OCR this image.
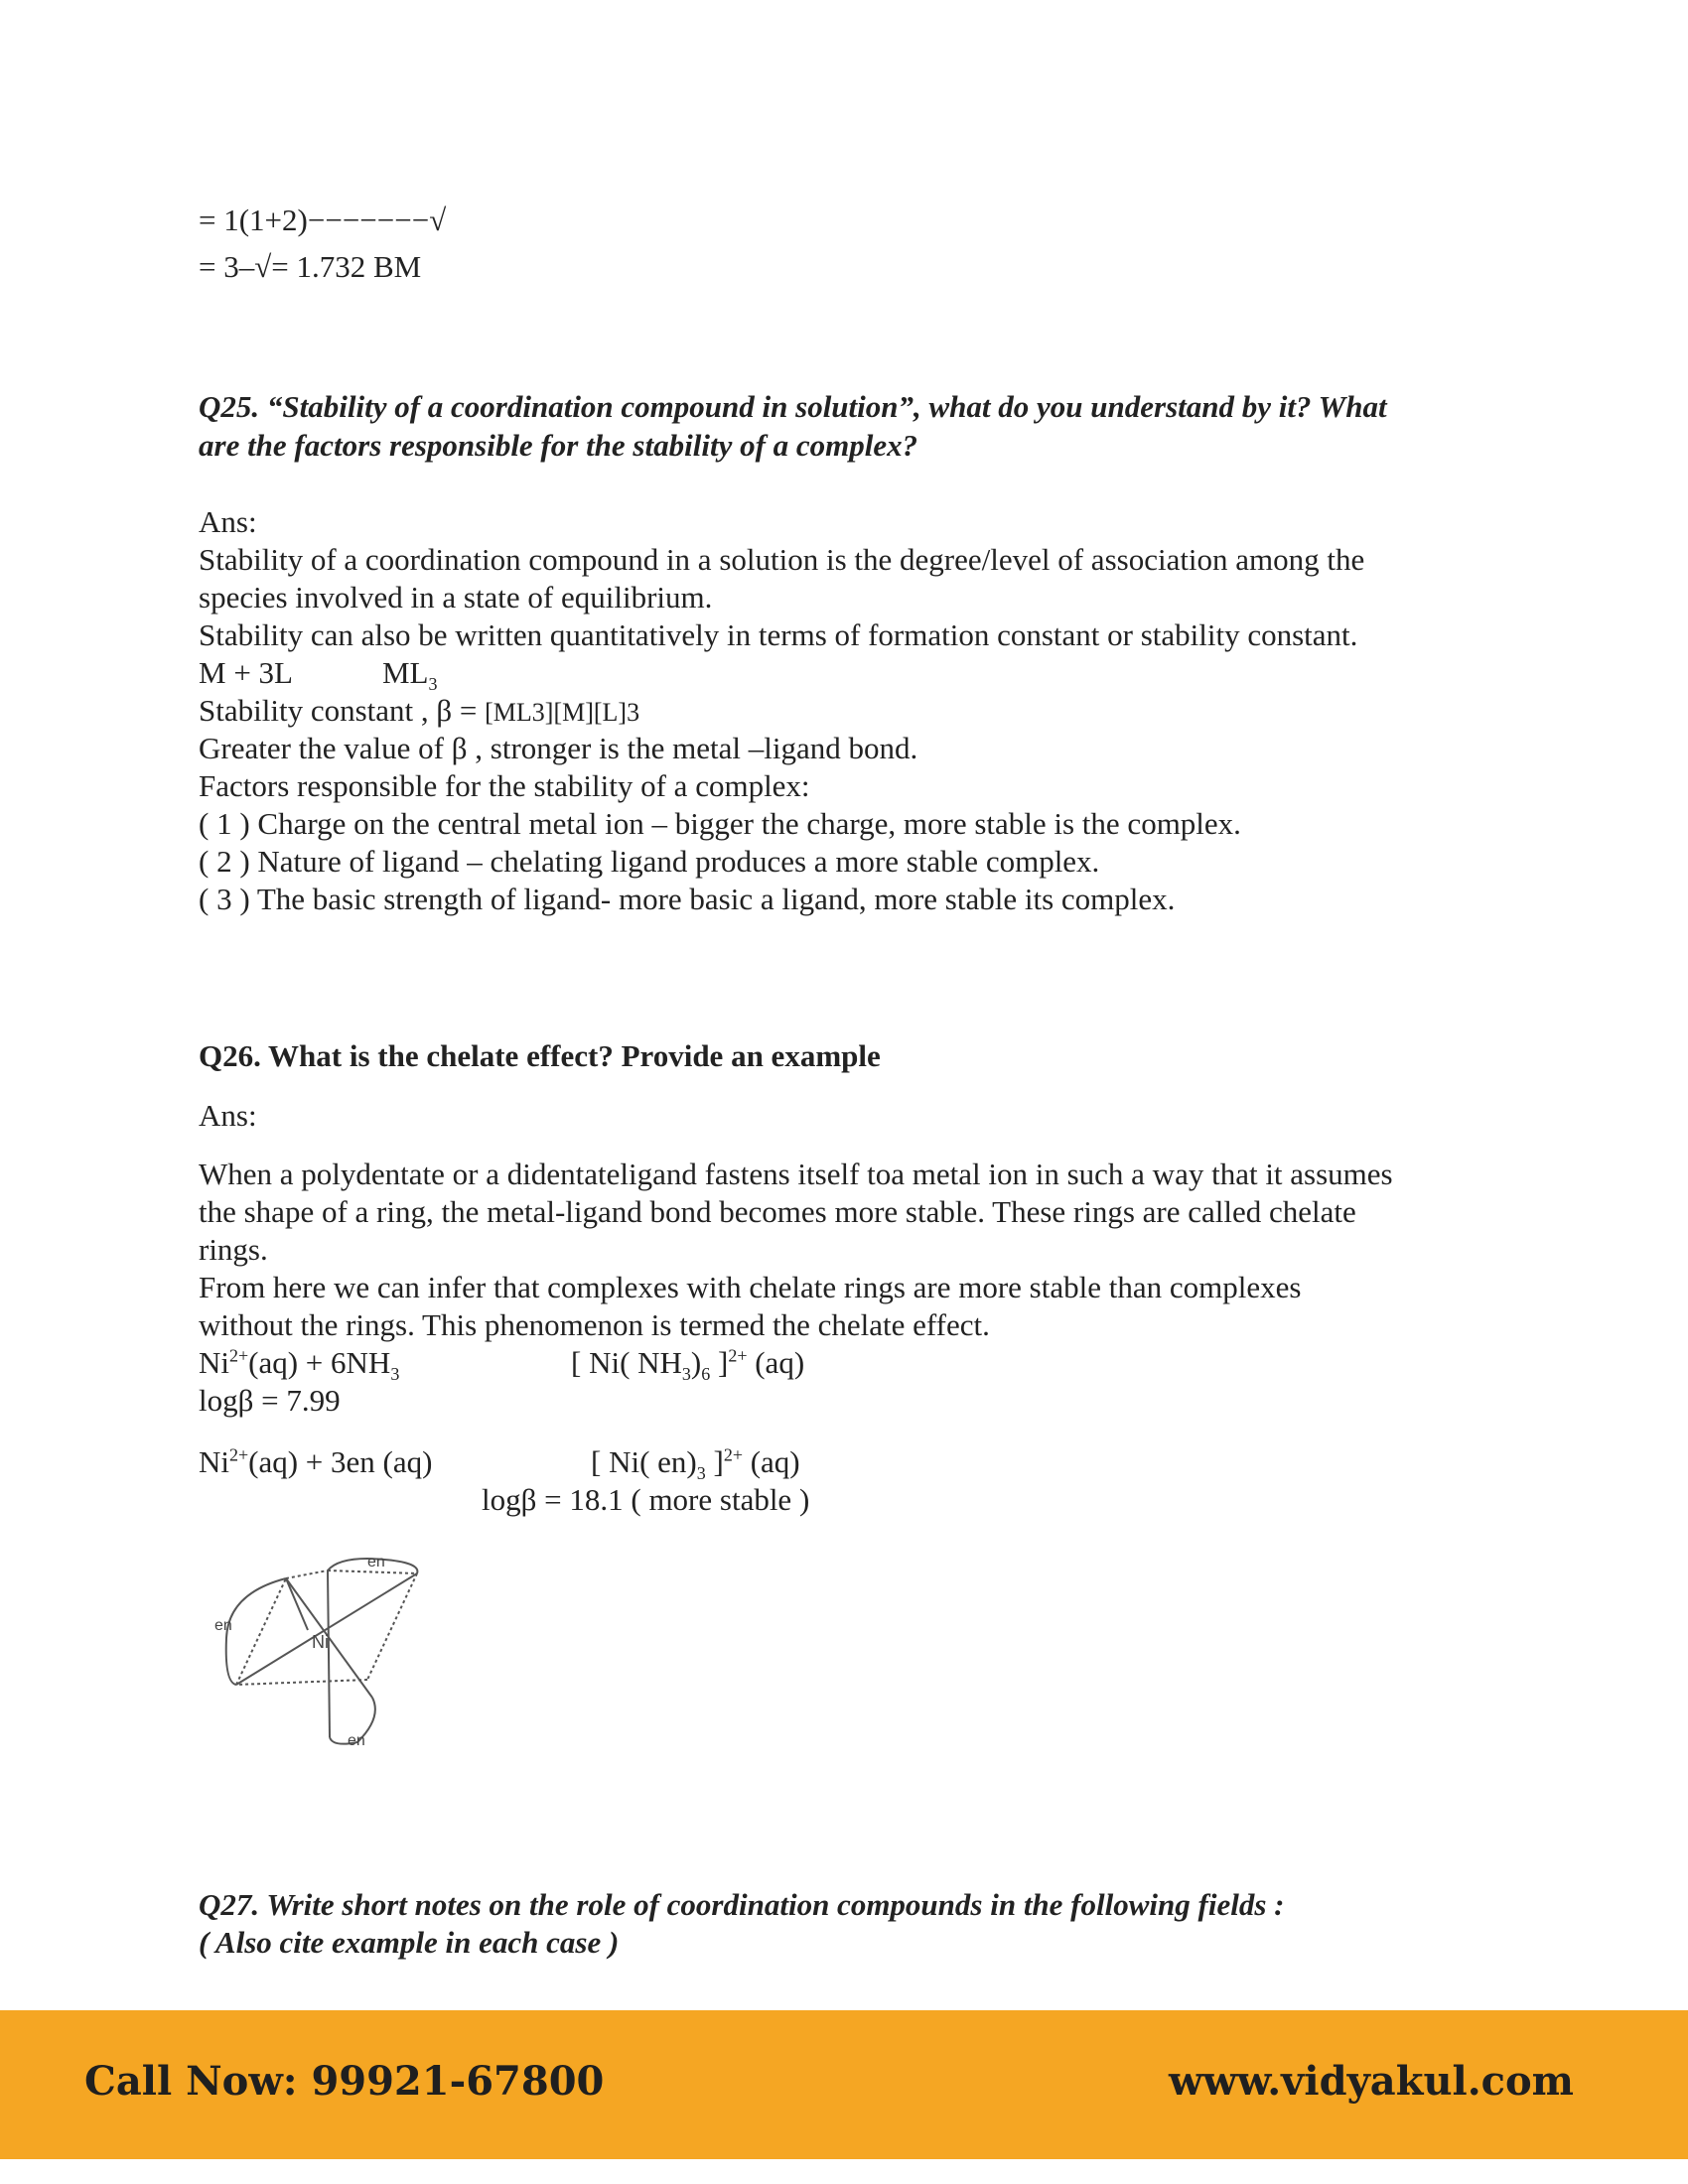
= 1(1+2)−−−−−−−√
= 3–√= 1.732 BM
Q25. “Stability of a coordination compound in solution”, what do you understand by it? What
are the factors responsible for the stability of a complex?
Ans:
Stability of a coordination compound in a solution is the degree/level of association among the
species involved in a state of equilibrium.
Stability can also be written quantitatively in terms of formation constant or stability constant.
M + 3L	$ML_3$
Stability constant , β = [ML3][M][L]3
Greater the value of β , stronger is the metal –ligand bond.
Factors responsible for the stability of a complex:
( 1 ) Charge on the central metal ion – bigger the charge, more stable is the complex.
( 2 ) Nature of ligand – chelating ligand produces a more stable complex.
( 3 ) The basic strength of ligand- more basic a ligand, more stable its complex.
Q26. What is the chelate effect? Provide an example
Ans:
When a polydentate or a didentateligand fastens itself toa metal ion in such a way that it assumes
the shape of a ring, the metal-ligand bond becomes more stable. These rings are called chelate
rings.
From here we can infer that complexes with chelate rings are more stable than complexes
without the rings. This phenomenon is termed the chelate effect.
$Ni^{2+}(aq) + 6NH_3$	[ Ni( $NH_3)_6$ ]$^{2+}$ (aq)
logβ = 7.99
$Ni^{2+}(aq) + 3en$ (aq)	[ Ni( $en)_3$ ]$^{2+}$ (aq)
logβ = 18.1 ( more stable )
Ni
en
en
en
Q27. Write short notes on the role of coordination compounds in the following fields :
( Also cite example in each case )
Call Now: 99921-67800	www.vidyakul.com
